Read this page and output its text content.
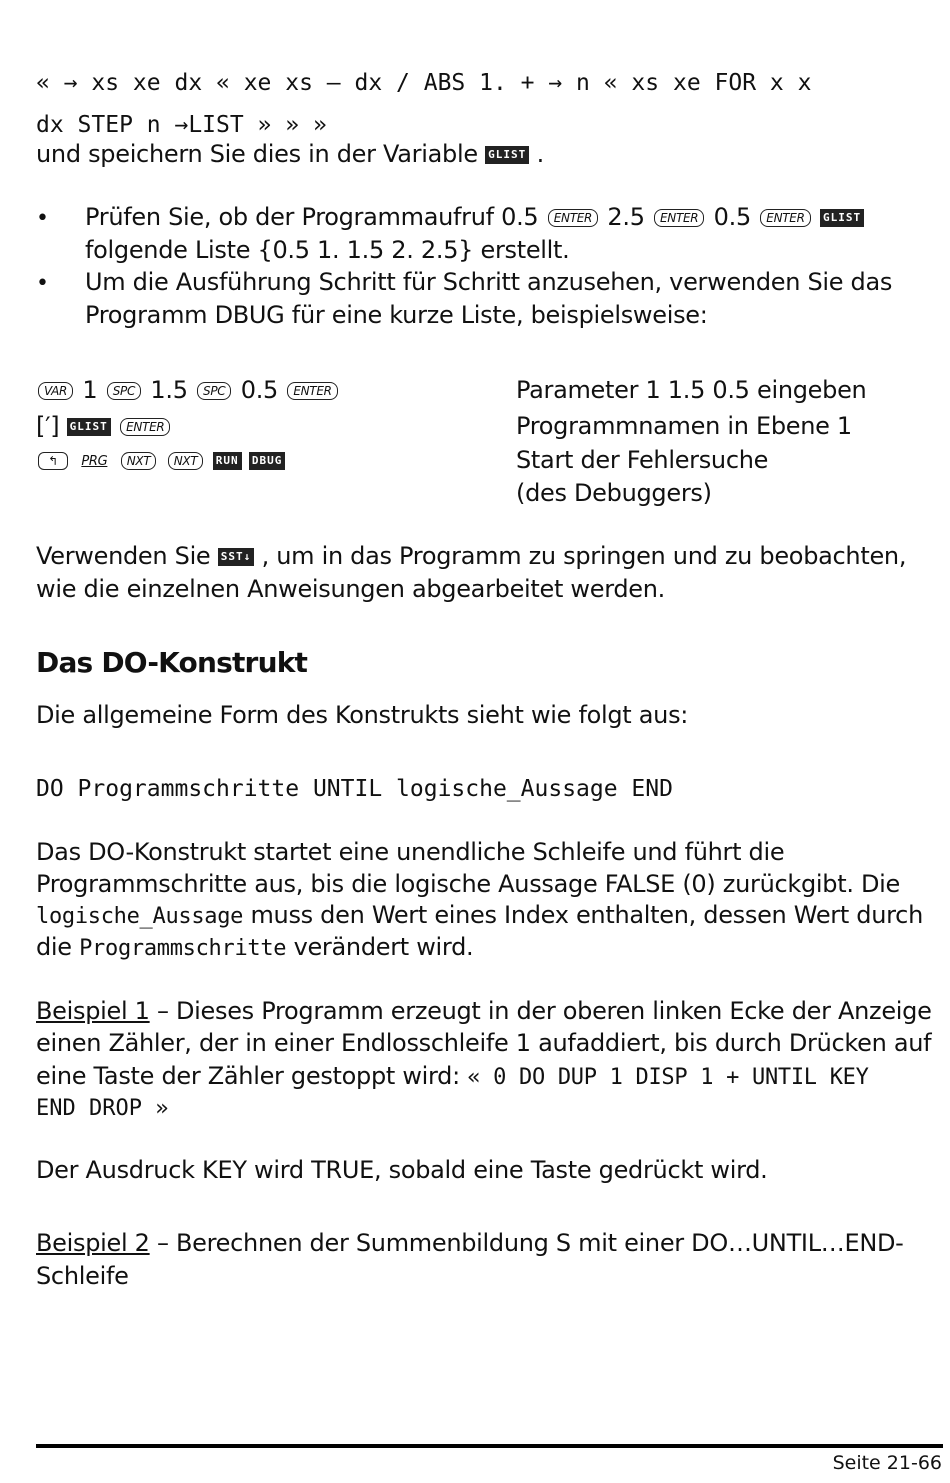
« → xs xe dx « xe xs – dx / ABS 1. + → n « xs xe FOR x x
dx STEP n →LIST » » »
und speichern Sie dies in der Variable GLIST .
• Prüfen Sie, ob der Programmaufruf 0.5 ENTER 2.5 ENTER 0.5 ENTER GLIST
folgende Liste {0.5 1. 1.5 2. 2.5} erstellt.
• Um die Ausführung Schritt für Schritt anzusehen, verwenden Sie das
Programm DBUG für eine kurze Liste, beispielsweise:
VAR 1 SPC 1.5 SPC 0.5 ENTER	Parameter 1 1.5 0.5 eingeben
[′] GLIST ENTER	Programmnamen in Ebene 1
↰ PRG NXT NXT RUN DBUG	Start der Fehlersuche
(des Debuggers)
Verwenden Sie SST↓ , um in das Programm zu springen und zu beobachten,
wie die einzelnen Anweisungen abgearbeitet werden.
Das DO-Konstrukt
Die allgemeine Form des Konstrukts sieht wie folgt aus:
DO Programmschritte UNTIL logische_Aussage END
Das DO-Konstrukt startet eine unendliche Schleife und führt die
Programmschritte aus, bis die logische Aussage FALSE (0) zurückgibt. Die
logische_Aussage muss den Wert eines Index enthalten, dessen Wert durch
die Programmschritte verändert wird.
Beispiel 1 – Dieses Programm erzeugt in der oberen linken Ecke der Anzeige
einen Zähler, der in einer Endlosschleife 1 aufaddiert, bis durch Drücken auf
eine Taste der Zähler gestoppt wird: « 0 DO DUP 1 DISP 1 + UNTIL KEY
END DROP »
Der Ausdruck KEY wird TRUE, sobald eine Taste gedrückt wird.
Beispiel 2 – Berechnen der Summenbildung S mit einer DO…UNTIL…END-
Schleife
Seite 21-66
